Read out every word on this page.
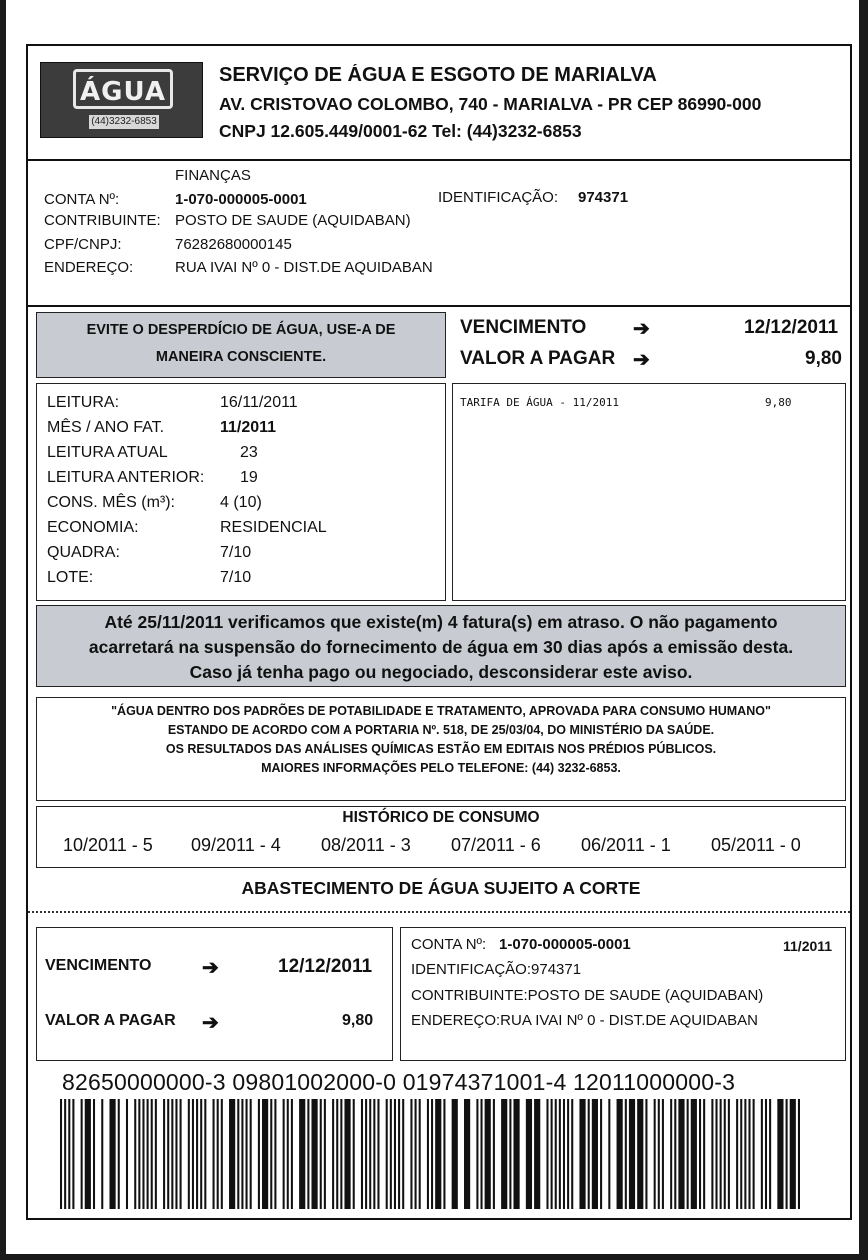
ÁGUA
(44)3232-6853
SERVIÇO DE ÁGUA E ESGOTO DE MARIALVA
AV. CRISTOVAO COLOMBO, 740 - MARIALVA - PR CEP 86990-000
CNPJ 12.605.449/0001-62 Tel: (44)3232-6853
FINANÇAS
CONTA Nº:	1-070-000005-0001	IDENTIFICAÇÃO: 974371
CONTRIBUINTE: POSTO DE SAUDE (AQUIDABAN)
CPF/CNPJ:	76282680000145
ENDEREÇO:	RUA IVAI Nº 0 - DIST.DE AQUIDABAN
EVITE O DESPERDÍCIO DE ÁGUA, USE-A DE
MANEIRA CONSCIENTE.
VENCIMENTO ➔	12/12/2011
VALOR A PAGAR ➔	9,80
LEITURA:	16/11/2011
MÊS / ANO FAT.	11/2011
LEITURA ATUAL	23
LEITURA ANTERIOR: 19
CONS. MÊS (m³):	4 (10)
ECONOMIA:	RESIDENCIAL
QUADRA:	7/10
LOTE:	7/10
TARIFA DE ÁGUA - 11/2011	9,80
Até 25/11/2011 verificamos que existe(m) 4 fatura(s) em atraso. O não pagamento
acarretará na suspensão do fornecimento de água em 30 dias após a emissão desta.
Caso já tenha pago ou negociado, desconsiderar este aviso.
"ÁGUA DENTRO DOS PADRÕES DE POTABILIDADE E TRATAMENTO, APROVADA PARA CONSUMO HUMANO"
ESTANDO DE ACORDO COM A PORTARIA Nº. 518, DE 25/03/04, DO MINISTÉRIO DA SAÚDE.
OS RESULTADOS DAS ANÁLISES QUÍMICAS ESTÃO EM EDITAIS NOS PRÉDIOS PÚBLICOS.
MAIORES INFORMAÇÕES PELO TELEFONE: (44) 3232-6853.
HISTÓRICO DE CONSUMO
10/2011 - 5 09/2011 - 4 08/2011 - 3 07/2011 - 6 06/2011 - 1 05/2011 - 0
ABASTECIMENTO DE ÁGUA SUJEITO A CORTE
VENCIMENTO	➔	12/12/2011
VALOR A PAGAR ➔	9,80
CONTA Nº: 1-070-000005-0001	11/2011
IDENTIFICAÇÃO:974371
CONTRIBUINTE:POSTO DE SAUDE (AQUIDABAN)
ENDEREÇO:RUA IVAI Nº 0 - DIST.DE AQUIDABAN
82650000000-3 09801002000-0 01974371001-4 12011000000-3
